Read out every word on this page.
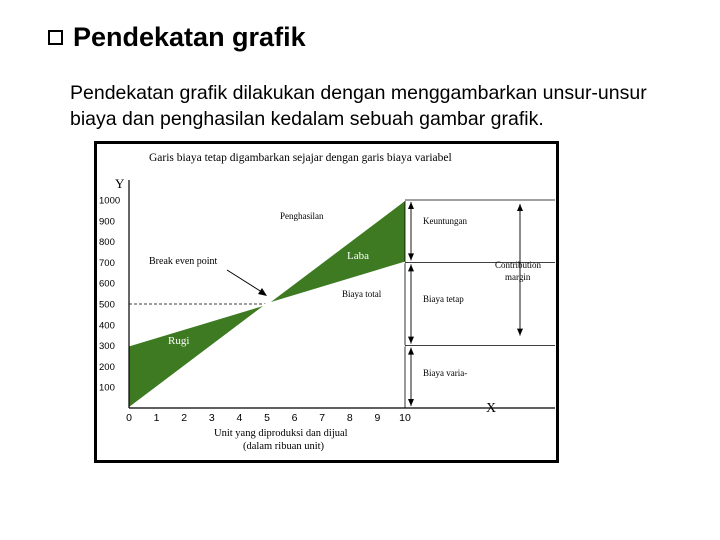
Pendekatan grafik

Pendekatan grafik dilakukan dengan menggambarkan unsur-unsur biaya dan penghasilan kedalam sebuah gambar grafik.

Garis biaya tetap digambarkan sejajar dengan garis biaya variabel
Y
X
100
200
300
400
500
600
700
800
900
1000
0 1 2 3 4 5 6 7 8 9 10
Penghasilan
Biaya total
Laba
Rugi
Break even point
Keuntungan
Biaya tetap
Biaya varia-
Contribution
margin
Unit yang diproduksi dan dijual
(dalam ribuan unit)
